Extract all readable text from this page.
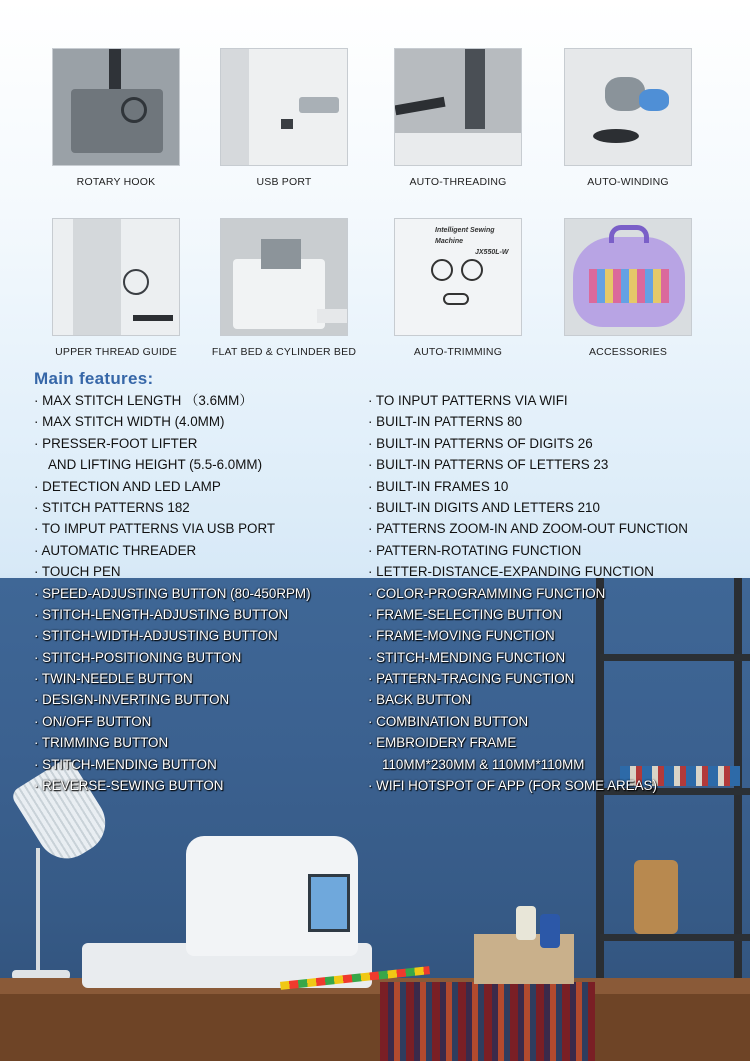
ROTARY HOOK	USB PORT	AUTO-THREADING	AUTO-WINDING
UPPER THREAD GUIDE	FLAT BED & CYLINDER BED
Intelligent Sewing Machine
JX550L-W
AUTO-TRIMMING	ACCESSORIES
Main features:
· MAX STITCH LENGTH （3.6MM）
· MAX STITCH WIDTH (4.0MM)
· PRESSER-FOOT LIFTER
AND LIFTING HEIGHT (5.5-6.0MM)
· DETECTION AND LED LAMP
· STITCH PATTERNS 182
· TO IMPUT PATTERNS VIA USB PORT
· AUTOMATIC THREADER
· TOUCH PEN
· SPEED-ADJUSTING BUTTON (80-450RPM)
· STITCH-LENGTH-ADJUSTING BUTTON
· STITCH-WIDTH-ADJUSTING BUTTON
· STITCH-POSITIONING BUTTON
· TWIN-NEEDLE BUTTON
· DESIGN-INVERTING BUTTON
· ON/OFF BUTTON
· TRIMMING BUTTON
· STITCH-MENDING BUTTON
· REVERSE-SEWING BUTTON
· TO INPUT PATTERNS VIA WIFI
· BUILT-IN PATTERNS 80
· BUILT-IN PATTERNS OF DIGITS 26
· BUILT-IN PATTERNS OF LETTERS 23
· BUILT-IN FRAMES 10
· BUILT-IN DIGITS AND LETTERS 210
· PATTERNS ZOOM-IN AND ZOOM-OUT FUNCTION
· PATTERN-ROTATING FUNCTION
· LETTER-DISTANCE-EXPANDING FUNCTION
· COLOR-PROGRAMMING FUNCTION
· FRAME-SELECTING BUTTON
· FRAME-MOVING FUNCTION
· STITCH-MENDING FUNCTION
· PATTERN-TRACING FUNCTION
· BACK BUTTON
· COMBINATION BUTTON
· EMBROIDERY FRAME
110MM*230MM & 110MM*110MM
· WIFI HOTSPOT OF APP (FOR SOME AREAS)
